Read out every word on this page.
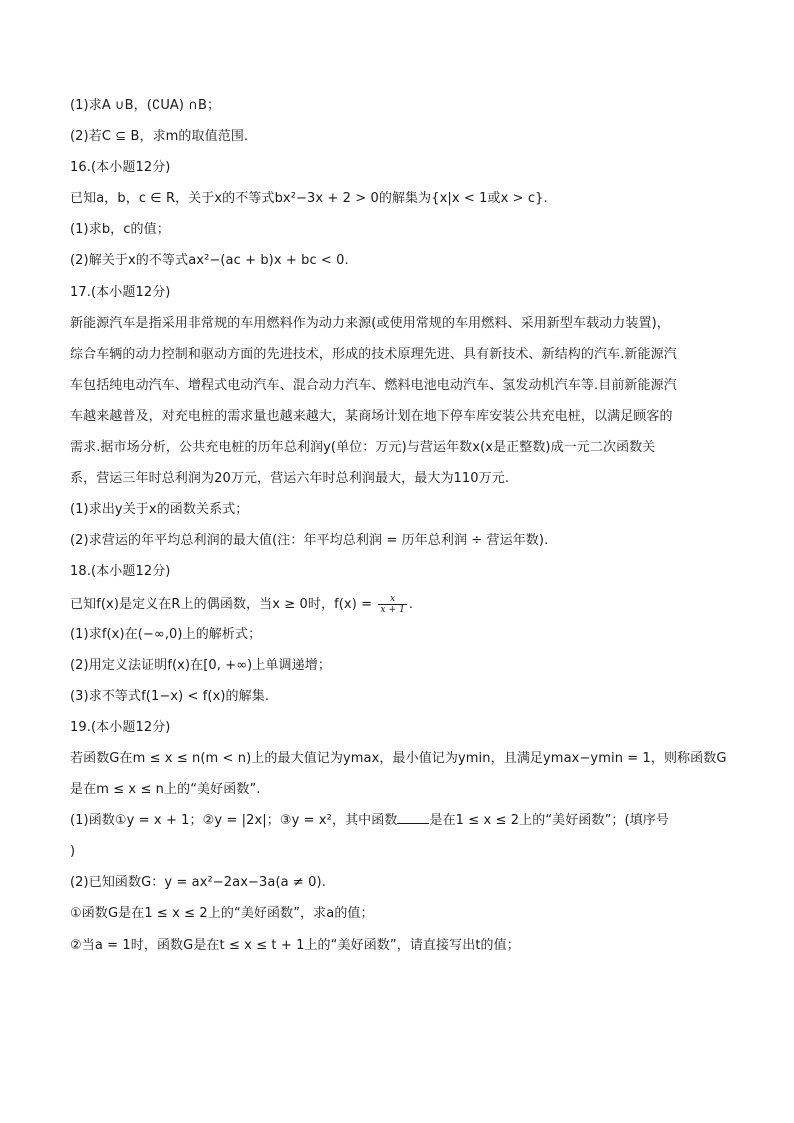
(1)求A ∪B，(∁UA) ∩B；
(2)若C ⊆ B，求m的取值范围.
16.(本小题12分)
已知a，b，c ∈ R，关于x的不等式bx²−3x + 2 > 0的解集为{x|x < 1或x > c}.
(1)求b，c的值；
(2)解关于x的不等式ax²−(ac + b)x + bc < 0.
17.(本小题12分)
新能源汽车是指采用非常规的车用燃料作为动力来源(或使用常规的车用燃料、采用新型车载动力装置)，
综合车辆的动力控制和驱动方面的先进技术，形成的技术原理先进、具有新技术、新结构的汽车.新能源汽
车包括纯电动汽车、增程式电动汽车、混合动力汽车、燃料电池电动汽车、氢发动机汽车等.目前新能源汽
车越来越普及，对充电桩的需求量也越来越大，某商场计划在地下停车库安装公共充电桩，以满足顾客的
需求.据市场分析，公共充电桩的历年总利润y(单位：万元)与营运年数x(x是正整数)成一元二次函数关
系，营运三年时总利润为20万元，营运六年时总利润最大，最大为110万元.
(1)求出y关于x的函数关系式；
(2)求营运的年平均总利润的最大值(注：年平均总利润 = 历年总利润 ÷ 营运年数).
18.(本小题12分)
已知f(x)是定义在R上的偶函数，当x ≥ 0时，$f(x) = \frac{x}{x + 1}$ .
(1)求f(x)在(−∞,0)上的解析式；
(2)用定义法证明f(x)在[0, +∞)上单调递增；
(3)求不等式f(1−x) < f(x)的解集.
19.(本小题12分)
若函数G在m ≤ x ≤ n(m < n)上的最大值记为ymax，最小值记为ymin，且满足ymax−ymin = 1，则称函数G
是在m ≤ x ≤ n上的“美好函数”.
(1)函数①y = x + 1；②y = |2x|；③y = x²，其中函数 是在1 ≤ x ≤ 2上的“美好函数”；(填序号
)
(2)已知函数G：y = ax²−2ax−3a(a ≠ 0).
①函数G是在1 ≤ x ≤ 2上的“美好函数”，求a的值；
②当a = 1时，函数G是在t ≤ x ≤ t + 1上的“美好函数”，请直接写出t的值；
